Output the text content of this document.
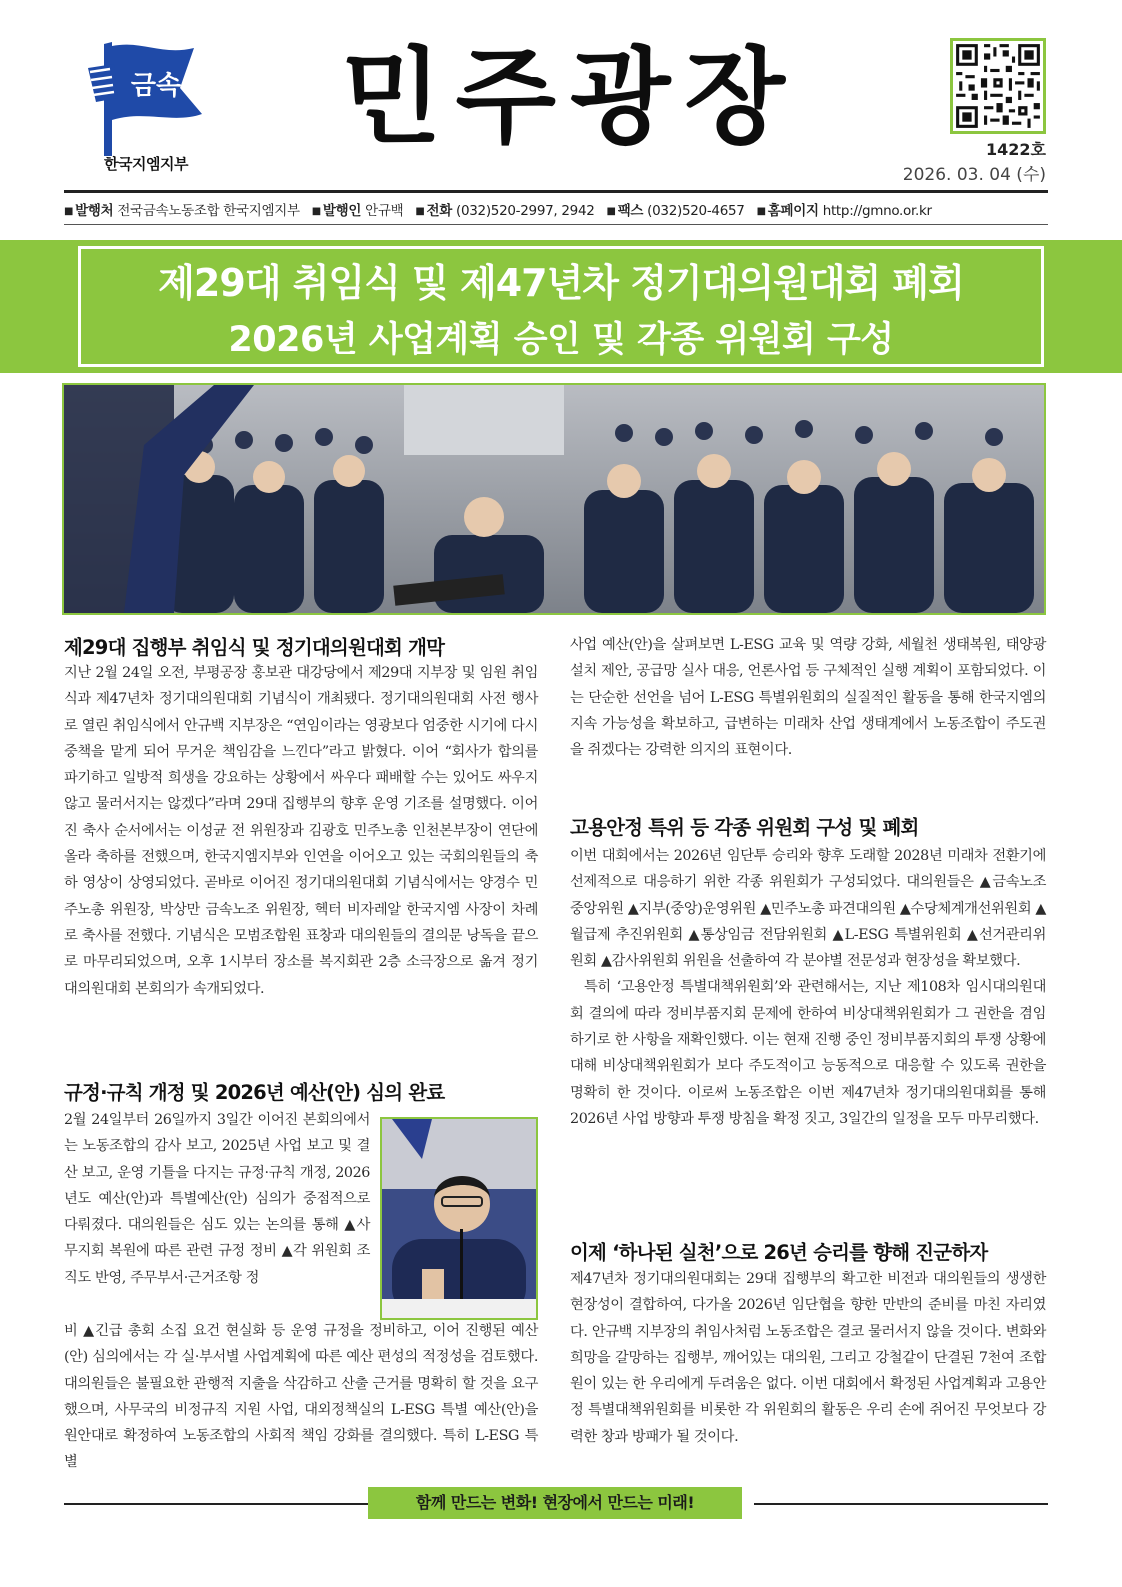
금속
한국지엠지부
민주광장	1422호
2026. 03. 04 (수)
■ 발행처 전국금속노동조합 한국지엠지부 ■ 발행인 안규백 ■ 전화 (032)520-2997, 2942 ■ 팩스 (032)520-4657 ■ 홈페이지 http://gmno.or.kr
제29대 취임식 및 제47년차 정기대의원대회 폐회
2026년 사업계획 승인 및 각종 위원회 구성
제29대 집행부 취임식 및 정기대의원대회 개막

지난 2월 24일 오전, 부평공장 홍보관 대강당에서 제29대 지부장 및 임원 취임식과 제47년차 정기대의원대회 기념식이 개최됐다. 정기대의원대회 사전 행사로 열린 취임식에서 안규백 지부장은 “연임이라는 영광보다 엄중한 시기에 다시 중책을 맡게 되어 무거운 책임감을 느낀다”라고 밝혔다. 이어 “회사가 합의를 파기하고 일방적 희생을 강요하는 상황에서 싸우다 패배할 수는 있어도 싸우지 않고 물러서지는 않겠다”라며 29대 집행부의 향후 운영 기조를 설명했다. 이어진 축사 순서에서는 이성균 전 위원장과 김광호 민주노총 인천본부장이 연단에 올라 축하를 전했으며, 한국지엠지부와 인연을 이어오고 있는 국회의원들의 축하 영상이 상영되었다. 곧바로 이어진 정기대의원대회 기념식에서는 양경수 민주노총 위원장, 박상만 금속노조 위원장, 헥터 비자레알 한국지엠 사장이 차례로 축사를 전했다. 기념식은 모범조합원 표창과 대의원들의 결의문 낭독을 끝으로 마무리되었으며, 오후 1시부터 장소를 복지회관 2층 소극장으로 옮겨 정기대의원대회 본회의가 속개되었다.

규정·규칙 개정 및 2026년 예산(안) 심의 완료

2월 24일부터 26일까지 3일간 이어진 본회의에서는 노동조합의 감사 보고, 2025년 사업 보고 및 결산 보고, 운영 기틀을 다지는 규정·규칙 개정, 2026년도 예산(안)과 특별예산(안) 심의가 중점적으로 다뤄졌다. 대의원들은 심도 있는 논의를 통해 ▲사무지회 복원에 따른 관련 규정 정비 ▲각 위원회 조직도 반영, 주무부서·근거조항 정

비 ▲긴급 총회 소집 요건 현실화 등 운영 규정을 정비하고, 이어 진행된 예산(안) 심의에서는 각 실·부서별 사업계획에 따른 예산 편성의 적정성을 검토했다. 대의원들은 불필요한 관행적 지출을 삭감하고 산출 근거를 명확히 할 것을 요구했으며, 사무국의 비정규직 지원 사업, 대외정책실의 L-ESG 특별 예산(안)을 원안대로 확정하여 노동조합의 사회적 책임 강화를 결의했다. 특히 L-ESG 특별

사업 예산(안)을 살펴보면 L-ESG 교육 및 역량 강화, 세월천 생태복원, 태양광 설치 제안, 공급망 실사 대응, 언론사업 등 구체적인 실행 계획이 포함되었다. 이는 단순한 선언을 넘어 L-ESG 특별위원회의 실질적인 활동을 통해 한국지엠의 지속 가능성을 확보하고, 급변하는 미래차 산업 생태계에서 노동조합이 주도권을 쥐겠다는 강력한 의지의 표현이다.

고용안정 특위 등 각종 위원회 구성 및 폐회

이번 대회에서는 2026년 임단투 승리와 향후 도래할 2028년 미래차 전환기에 선제적으로 대응하기 위한 각종 위원회가 구성되었다. 대의원들은 ▲금속노조 중앙위원 ▲지부(중앙)운영위원 ▲민주노총 파견대의원 ▲수당체계개선위원회 ▲월급제 추진위원회 ▲통상임금 전담위원회 ▲L-ESG 특별위원회 ▲선거관리위원회 ▲감사위원회 위원을 선출하여 각 분야별 전문성과 현장성을 확보했다.

특히 ‘고용안정 특별대책위원회’와 관련해서는, 지난 제108차 임시대의원대회 결의에 따라 정비부품지회 문제에 한하여 비상대책위원회가 그 권한을 겸임하기로 한 사항을 재확인했다. 이는 현재 진행 중인 정비부품지회의 투쟁 상황에 대해 비상대책위원회가 보다 주도적이고 능동적으로 대응할 수 있도록 권한을 명확히 한 것이다. 이로써 노동조합은 이번 제47년차 정기대의원대회를 통해 2026년 사업 방향과 투쟁 방침을 확정 짓고, 3일간의 일정을 모두 마무리했다.

이제 ‘하나된 실천’으로 26년 승리를 향해 진군하자

제47년차 정기대의원대회는 29대 집행부의 확고한 비전과 대의원들의 생생한 현장성이 결합하여, 다가올 2026년 임단협을 향한 만반의 준비를 마친 자리였다. 안규백 지부장의 취임사처럼 노동조합은 결코 물러서지 않을 것이다. 변화와 희망을 갈망하는 집행부, 깨어있는 대의원, 그리고 강철같이 단결된 7천여 조합원이 있는 한 우리에게 두려움은 없다. 이번 대회에서 확정된 사업계획과 고용안정 특별대책위원회를 비롯한 각 위원회의 활동은 우리 손에 쥐어진 무엇보다 강력한 창과 방패가 될 것이다.

함께 만드는 변화! 현장에서 만드는 미래!
